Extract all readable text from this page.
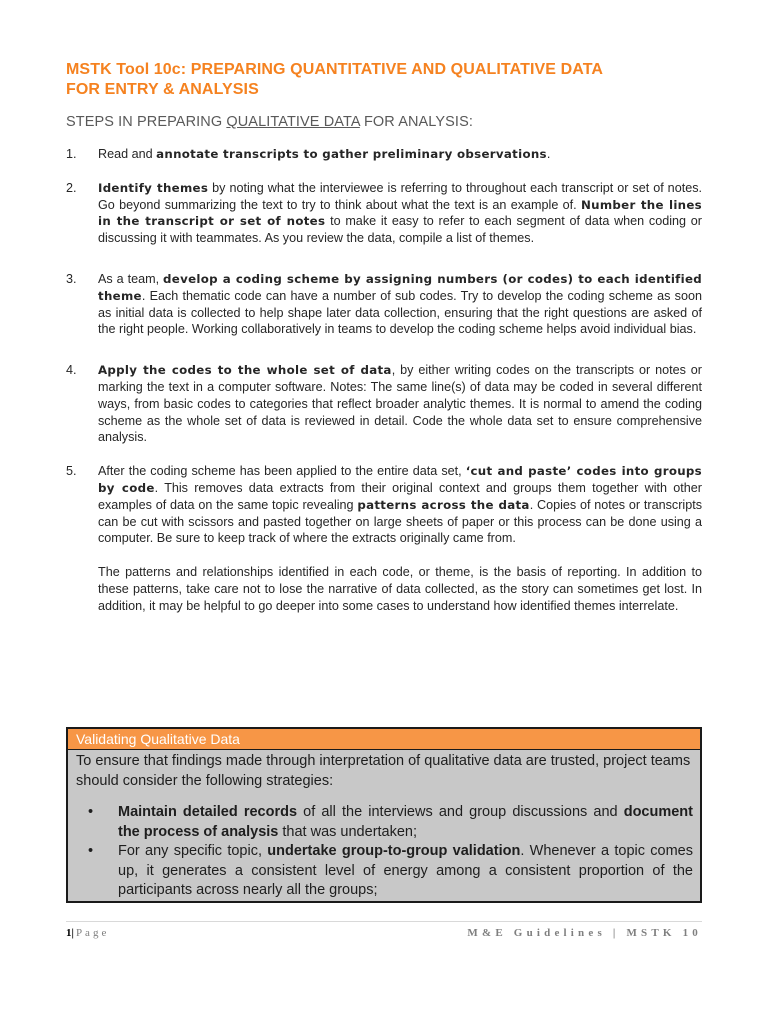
MSTK Tool 10c: PREPARING QUANTITATIVE AND QUALITATIVE DATA
FOR ENTRY & ANALYSIS
STEPS IN PREPARING QUALITATIVE DATA FOR ANALYSIS:
1.	Read and annotate transcripts to gather preliminary observations.
2.	Identify themes by noting what the interviewee is referring to throughout each transcript or set of notes. Go beyond summarizing the text to try to think about what the text is an example of. Number the lines in the transcript or set of notes to make it easy to refer to each segment of data when coding or discussing it with teammates. As you review the data, compile a list of themes.
3.	As a team, develop a coding scheme by assigning numbers (or codes) to each identified theme. Each thematic code can have a number of sub codes. Try to develop the coding scheme as soon as initial data is collected to help shape later data collection, ensuring that the right questions are asked of the right people. Working collaboratively in teams to develop the coding scheme helps avoid individual bias.
4.	Apply the codes to the whole set of data, by either writing codes on the transcripts or notes or marking the text in a computer software. Notes: The same line(s) of data may be coded in several different ways, from basic codes to categories that reflect broader analytic themes. It is normal to amend the coding scheme as the whole set of data is reviewed in detail. Code the whole data set to ensure comprehensive analysis.
5.	After the coding scheme has been applied to the entire data set, ‘cut and paste’ codes into groups by code. This removes data extracts from their original context and groups them together with other examples of data on the same topic revealing patterns across the data. Copies of notes or transcripts can be cut with scissors and pasted together on large sheets of paper or this process can be done using a computer. Be sure to keep track of where the extracts originally came from.
The patterns and relationships identified in each code, or theme, is the basis of reporting. In addition to these patterns, take care not to lose the narrative of data collected, as the story can sometimes get lost. In addition, it may be helpful to go deeper into some cases to understand how identified themes interrelate.
Validating Qualitative Data
To ensure that findings made through interpretation of qualitative data are trusted, project teams should consider the following strategies:
•	Maintain detailed records of all the interviews and group discussions and document the process of analysis that was undertaken;
•	For any specific topic, undertake group-to-group validation. Whenever a topic comes up, it generates a consistent level of energy among a consistent proportion of the participants across nearly all the groups;
1| Page	M&E Guidelines | MSTK 10
